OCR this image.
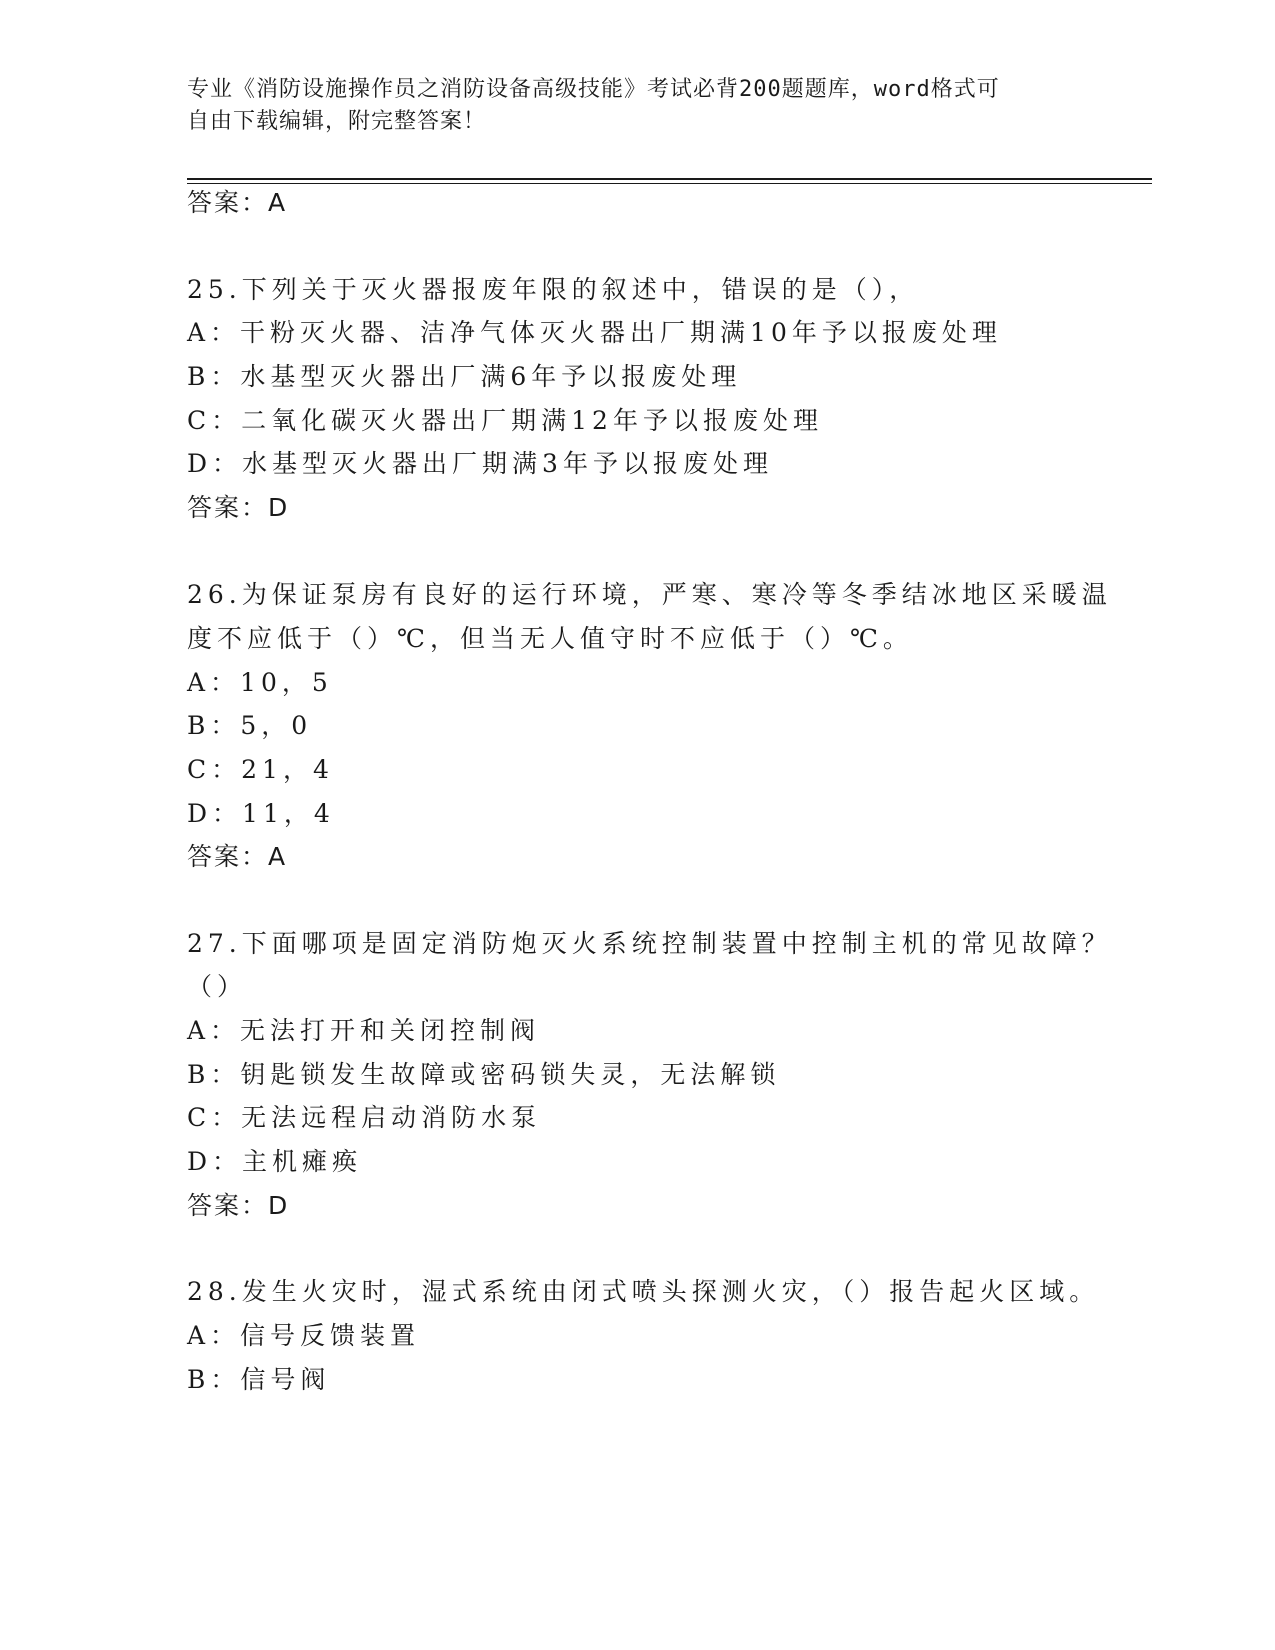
专业《消防设施操作员之消防设备高级技能》考试必背200题题库，word格式可
自由下载编辑，附完整答案！
答案：A
25.下列关于灭火器报废年限的叙述中，错误的是（），
A：干粉灭火器、洁净气体灭火器出厂期满10年予以报废处理
B：水基型灭火器出厂满6年予以报废处理
C：二氧化碳灭火器出厂期满12年予以报废处理
D：水基型灭火器出厂期满3年予以报废处理
答案：D
26.为保证泵房有良好的运行环境，严寒、寒冷等冬季结冰地区采暖温
度不应低于（）℃，但当无人值守时不应低于（）℃。
A：10，5
B：5，0
C：21，4
D：11，4
答案：A
27.下面哪项是固定消防炮灭火系统控制装置中控制主机的常见故障？
（）
A：无法打开和关闭控制阀
B：钥匙锁发生故障或密码锁失灵，无法解锁
C：无法远程启动消防水泵
D：主机瘫痪
答案：D
28.发生火灾时，湿式系统由闭式喷头探测火灾，（）报告起火区域。
A：信号反馈装置
B：信号阀
